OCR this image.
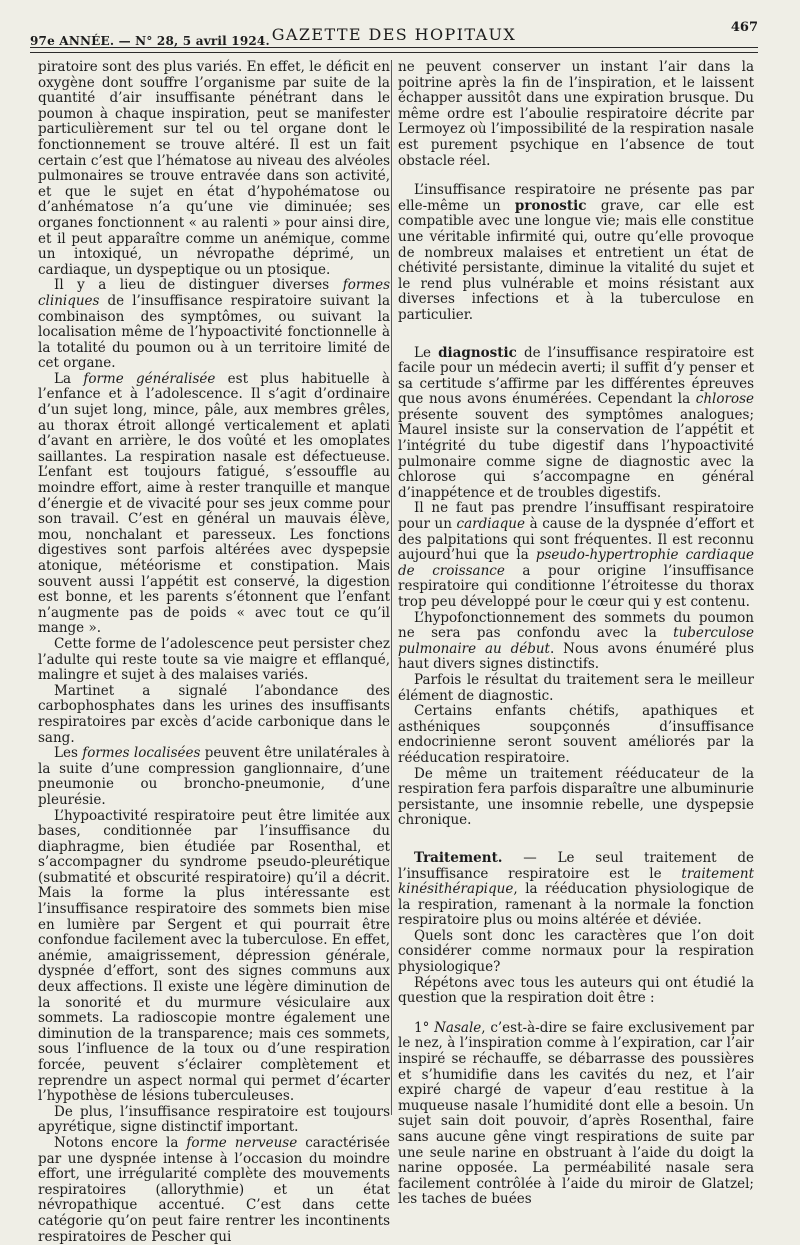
97e ANNÉE. — N° 28, 5 avril 1924. GAZETTE DES HOPITAUX	467

piratoire sont des plus variés. En effet, le déficit en oxygène dont souffre l’organisme par suite de la quantité d’air insuffisante pénétrant dans le poumon à chaque inspiration, peut se manifester particulièrement sur tel ou tel organe dont le fonctionnement se trouve altéré. Il est un fait certain c’est que l’hématose au niveau des alvéoles pulmonaires se trouve entravée dans son activité, et que le sujet en état d’hypohématose ou d’anhématose n’a qu’une vie diminuée; ses organes fonctionnent « au ralenti » pour ainsi dire, et il peut apparaître comme un anémique, comme un intoxiqué, un névropathe déprimé, un cardiaque, un dyspeptique ou un ptosique.

Il y a lieu de distinguer diverses formes cliniques de l’insuffisance respiratoire suivant la combinaison des symptômes, ou suivant la localisation même de l’hypoactivité fonctionnelle à la totalité du poumon ou à un territoire limité de cet organe.

La forme généralisée est plus habituelle à l’enfance et à l’adolescence. Il s’agit d’ordinaire d’un sujet long, mince, pâle, aux membres grêles, au thorax étroit allongé verticalement et aplati d’avant en arrière, le dos voûté et les omoplates saillantes. La respiration nasale est défectueuse. L’enfant est toujours fatigué, s’essouffle au moindre effort, aime à rester tranquille et manque d’énergie et de vivacité pour ses jeux comme pour son travail. C’est en général un mauvais élève, mou, nonchalant et paresseux. Les fonctions digestives sont parfois altérées avec dyspepsie atonique, météorisme et constipation. Mais souvent aussi l’appétit est conservé, la digestion est bonne, et les parents s’étonnent que l’enfant n’augmente pas de poids « avec tout ce qu’il mange ».

Cette forme de l’adolescence peut persister chez l’adulte qui reste toute sa vie maigre et efflanqué, malingre et sujet à des malaises variés.

Martinet a signalé l’abondance des carbophosphates dans les urines des insuffisants respiratoires par excès d’acide carbonique dans le sang.

Les formes localisées peuvent être unilatérales à la suite d’une compression ganglionnaire, d’une pneumonie ou broncho-pneumonie, d’une pleurésie.

L’hypoactivité respiratoire peut être limitée aux bases, conditionnée par l’insuffisance du diaphragme, bien étudiée par Rosenthal, et s’accompagner du syndrome pseudo-pleurétique (submatité et obscurité respiratoire) qu’il a décrit. Mais la forme la plus intéressante est l’insuffisance respiratoire des sommets bien mise en lumière par Sergent et qui pourrait être confondue facilement avec la tuberculose. En effet, anémie, amaigrissement, dépression générale, dyspnée d’effort, sont des signes communs aux deux affections. Il existe une légère diminution de la sonorité et du murmure vésiculaire aux sommets. La radioscopie montre également une diminution de la transparence; mais ces sommets, sous l’influence de la toux ou d’une respiration forcée, peuvent s’éclairer complètement et reprendre un aspect normal qui permet d’écarter l’hypothèse de lésions tuberculeuses.

De plus, l’insuffisance respiratoire est toujours apyrétique, signe distinctif important.

Notons encore la forme nerveuse caractérisée par une dyspnée intense à l’occasion du moindre effort, une irrégularité complète des mouvements respiratoires (allorythmie) et un état névropathique accentué. C’est dans cette catégorie qu’on peut faire rentrer les incontinents respiratoires de Pescher qui

ne peuvent conserver un instant l’air dans la poitrine après la fin de l’inspiration, et le laissent échapper aussitôt dans une expiration brusque. Du même ordre est l’aboulie respiratoire décrite par Lermoyez où l’impossibilité de la respiration nasale est purement psychique en l’absence de tout obstacle réel.

L’insuffisance respiratoire ne présente pas par elle-même un pronostic grave, car elle est compatible avec une longue vie; mais elle constitue une véritable infirmité qui, outre qu’elle provoque de nombreux malaises et entretient un état de chétivité persistante, diminue la vitalité du sujet et le rend plus vulnérable et moins résistant aux diverses infections et à la tuberculose en particulier.

Le diagnostic de l’insuffisance respiratoire est facile pour un médecin averti; il suffit d’y penser et sa certitude s’affirme par les différentes épreuves que nous avons énumérées. Cependant la chlorose présente souvent des symptômes analogues; Maurel insiste sur la conservation de l’appétit et l’intégrité du tube digestif dans l’hypoactivité pulmonaire comme signe de diagnostic avec la chlorose qui s’accompagne en général d’inappétence et de troubles digestifs.

Il ne faut pas prendre l’insuffisant respiratoire pour un cardiaque à cause de la dyspnée d’effort et des palpitations qui sont fréquentes. Il est reconnu aujourd’hui que la pseudo-hypertrophie cardiaque de croissance a pour origine l’insuffisance respiratoire qui conditionne l’étroitesse du thorax trop peu développé pour le cœur qui y est contenu.

L’hypofonctionnement des sommets du poumon ne sera pas confondu avec la tuberculose pulmonaire au début. Nous avons énuméré plus haut divers signes distinctifs.

Parfois le résultat du traitement sera le meilleur élément de diagnostic.

Certains enfants chétifs, apathiques et asthéniques soupçonnés d’insuffisance endocrinienne seront souvent améliorés par la rééducation respiratoire.

De même un traitement rééducateur de la respiration fera parfois disparaître une albuminurie persistante, une insomnie rebelle, une dyspepsie chronique.

Traitement. — Le seul traitement de l’insuffisance respiratoire est le traitement kinésithérapique, la rééducation physiologique de la respiration, ramenant à la normale la fonction respiratoire plus ou moins altérée et déviée.

Quels sont donc les caractères que l’on doit considérer comme normaux pour la respiration physiologique?

Répétons avec tous les auteurs qui ont étudié la question que la respiration doit être :

1° Nasale, c’est-à-dire se faire exclusivement par le nez, à l’inspiration comme à l’expiration, car l’air inspiré se réchauffe, se débarrasse des poussières et s’humidifie dans les cavités du nez, et l’air expiré chargé de vapeur d’eau restitue à la muqueuse nasale l’humidité dont elle a besoin. Un sujet sain doit pouvoir, d’après Rosenthal, faire sans aucune gêne vingt respirations de suite par une seule narine en obstruant à l’aide du doigt la narine opposée. La perméabilité nasale sera facilement contrôlée à l’aide du miroir de Glatzel; les taches de buées
